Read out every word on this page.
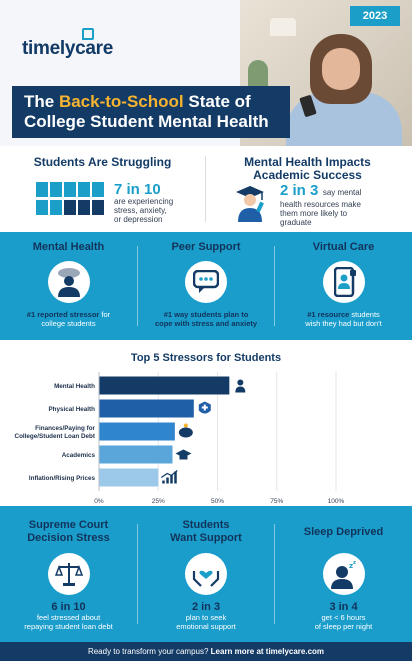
2023
timelycare
The Back-to-School State of
College Student Mental Health
Students Are Struggling
7 in 10
are experiencing
stress, anxiety,
or depression
Mental Health Impacts
Academic Success
2 in 3 say mental
health resources make
them more likely to
graduate
Mental Health
#1 reported stressor for
college students
Peer Support
#1 way students plan to
cope with stress and anxiety
Virtual Care
#1 resource students
wish they had but don't
Top 5 Stressors for Students
0%	25%	50%	75%	100%
Mental Health
Physical Health
Finances/Paying for
College/Student Loan Debt
Academics
Inflation/Rising Prices
Supreme Court
Decision Stress
6 in 10
feel stressed about
repaying student loan debt
Students
Want Support
2 in 3
plan to seek
emotional support
Sleep Deprived
z z
3 in 4
get < 6 hours
of sleep per night
Ready to transform your campus? Learn more at timelycare.com
